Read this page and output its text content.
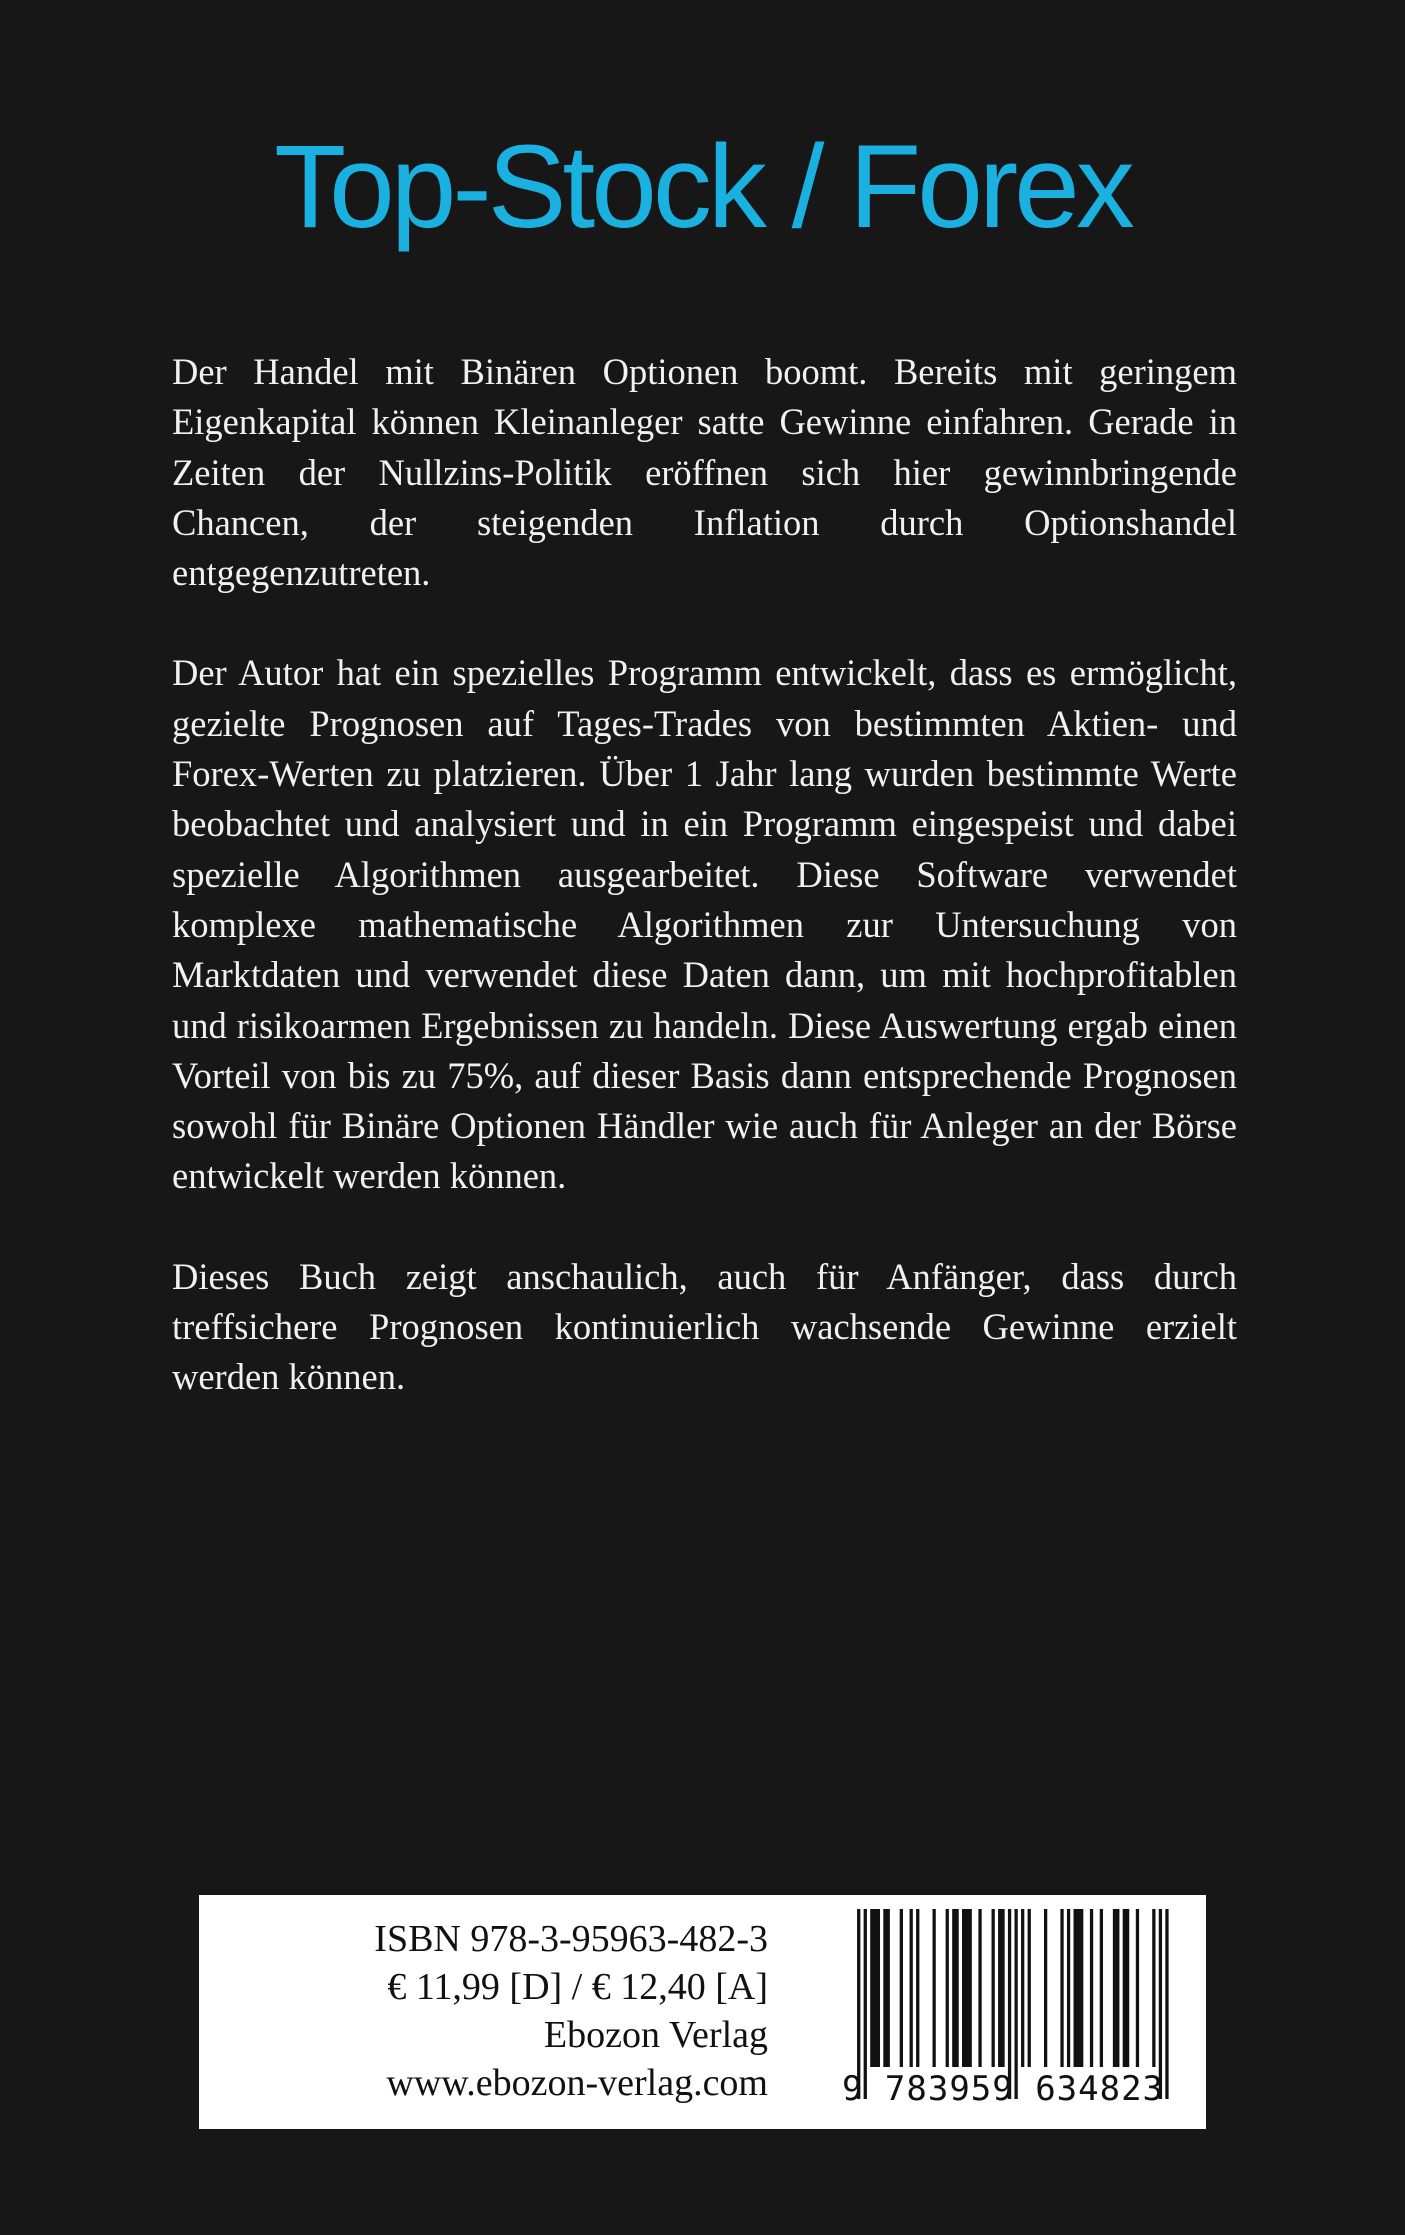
Top-Stock / Forex

Der Handel mit Binären Optionen boomt. Bereits mit geringem Eigenkapital können Kleinanleger satte Gewinne einfahren. Gerade in Zeiten der Nullzins-Politik eröffnen sich hier gewinnbringende Chancen, der steigenden Inflation durch Optionshandel entgegenzutreten.

Der Autor hat ein spezielles Programm entwickelt, dass es ermöglicht, gezielte Prognosen auf Tages-Trades von bestimmten Aktien- und Forex-Werten zu platzieren. Über 1 Jahr lang wurden bestimmte Werte beobachtet und analysiert und in ein Programm eingespeist und dabei spezielle Algorithmen ausgearbeitet. Diese Software verwendet komplexe mathematische Algorithmen zur Untersuchung von Marktdaten und verwendet diese Daten dann, um mit hochprofitablen und risikoarmen Ergebnissen zu handeln. Diese Auswertung ergab einen Vorteil von bis zu 75%, auf dieser Basis dann entsprechende Prognosen sowohl für Binäre Optionen Händler wie auch für Anleger an der Börse entwickelt werden können.

Dieses Buch zeigt anschaulich, auch für Anfänger, dass durch treffsichere Prognosen kontinuierlich wachsende Gewinne erzielt werden können.

ISBN 978-3-95963-482-3
€ 11,99 [D] / € 12,40 [A]
Ebozon Verlag
www.ebozon-verlag.com	9 783959 634823
